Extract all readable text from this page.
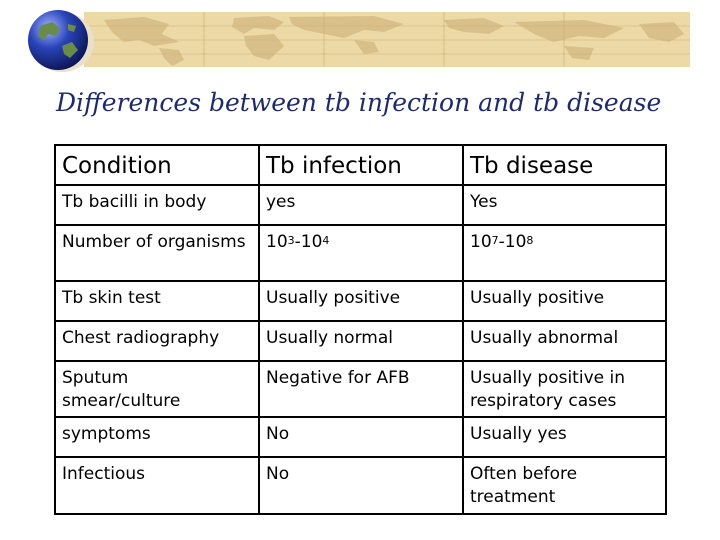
Differences between tb infection and tb disease
Condition	Tb infection	Tb disease
Tb bacilli in body	yes	Yes
Number of organisms	$10^3-10^4$	$10^7-10^8$
Tb skin test	Usually positive	Usually positive
Chest radiography	Usually normal	Usually abnormal
Sputum smear/culture	Negative for AFB	Usually positive in respiratory cases
symptoms	No	Usually yes
Infectious	No	Often before treatment
